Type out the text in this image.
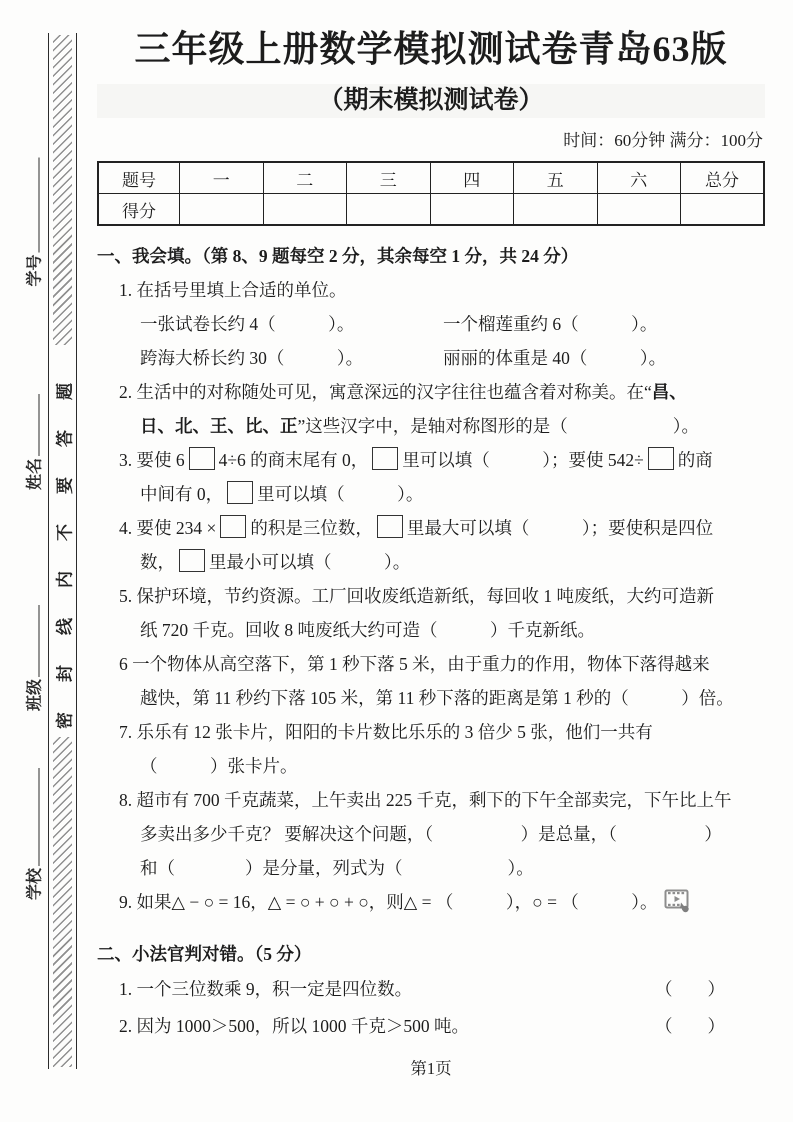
学号
姓名
班级
学校
密封线内不要答题
三年级上册数学模拟测试卷青岛63版
（期末模拟测试卷）
时间：60分钟 满分：100分
题号	一	二	三	四	五	六	总分
得分							
一、我会填。（第 8、9 题每空 2 分，其余每空 1 分，共 24 分）
1. 在括号里填上合适的单位。
一张试卷长约 4（　　　）。	一个榴莲重约 6（　　　）。
跨海大桥长约 30（　　　）。	丽丽的体重是 40（　　　）。
2. 生活中的对称随处可见，寓意深远的汉字往往也蕴含着对称美。在“昌、
日、北、王、比、正”这些汉字中，是轴对称图形的是（　　　　　　）。
3. 要使 6 4÷6 的商末尾有 0， 里可以填（　　　）；要使 542÷ 的商
中间有 0， 里可以填（　　　）。
4. 要使 234 × 的积是三位数， 里最大可以填（　　　）；要使积是四位
数， 里最小可以填（　　　）。
5. 保护环境，节约资源。工厂回收废纸造新纸，每回收 1 吨废纸，大约可造新
纸 720 千克。回收 8 吨废纸大约可造（　　　）千克新纸。
6 一个物体从高空落下，第 1 秒下落 5 米，由于重力的作用，物体下落得越来
越快，第 11 秒约下落 105 米，第 11 秒下落的距离是第 1 秒的（　　　）倍。
7. 乐乐有 12 张卡片，阳阳的卡片数比乐乐的 3 倍少 5 张，他们一共有
（　　　）张卡片。
8. 超市有 700 千克蔬菜，上午卖出 225 千克，剩下的下午全部卖完，下午比上午
多卖出多少千克？ 要解决这个问题，（　　　　　）是总量，（　　　　　）
和（　　　　）是分量，列式为（　　　　　　）。
9. 如果△ − ○ = 16，△ = ○ + ○ + ○，则△ = （　　　），○ = （　　　）。
二、小法官判对错。（5 分）
1. 一个三位数乘 9，积一定是四位数。	（　　）
2. 因为 1000＞500，所以 1000 千克＞500 吨。	（　　）
第1页
